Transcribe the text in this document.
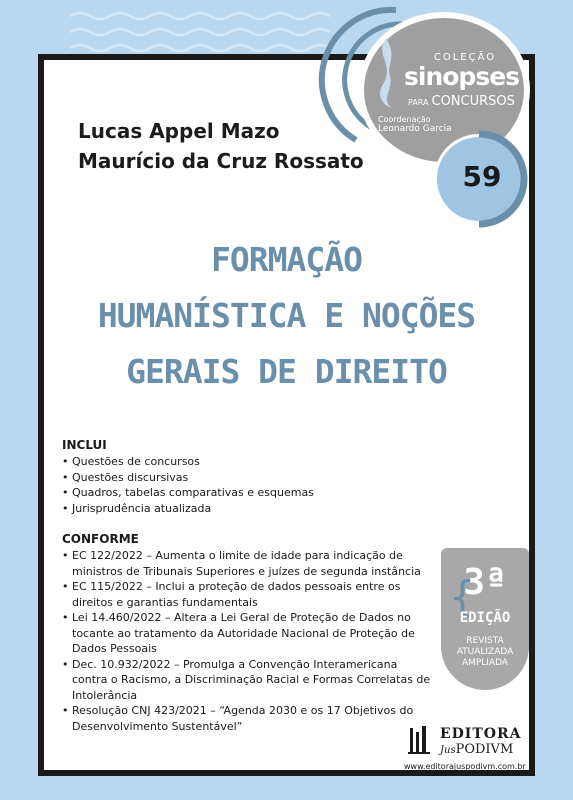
COLEÇÃO
sinopses
PARA CONCURSOS
Coordenação
Leonardo Garcia
59
Lucas Appel Mazo
Maurício da Cruz Rossato
FORMAÇÃO
HUMANÍSTICA E NOÇÕES
GERAIS DE DIREITO
INCLUI
• Questões de concursos
• Questões discursivas
• Quadros, tabelas comparativas e esquemas
• Jurisprudência atualizada
CONFORME
• EC 122/2022 – Aumenta o limite de idade para indicação de ministros de Tribunais Superiores e juízes de segunda instância
• EC 115/2022 – Inclui a proteção de dados pessoais entre os direitos e garantias fundamentais
• Lei 14.460/2022 – Altera a Lei Geral de Proteção de Dados no tocante ao tratamento da Autoridade Nacional de Proteção de Dados Pessoais
• Dec. 10.932/2022 – Promulga a Convenção Interamericana contra o Racismo, a Discriminação Racial e Formas Correlatas de Intolerância
• Resolução CNJ 423/2021 – “Agenda 2030 e os 17 Objetivos do Desenvolvimento Sustentável”
{
3ª
EDIÇÃO
REVISTA
ATUALIZADA
AMPLIADA
EDITORA
JusPODIVM
www.editorajuspodivm.com.br
